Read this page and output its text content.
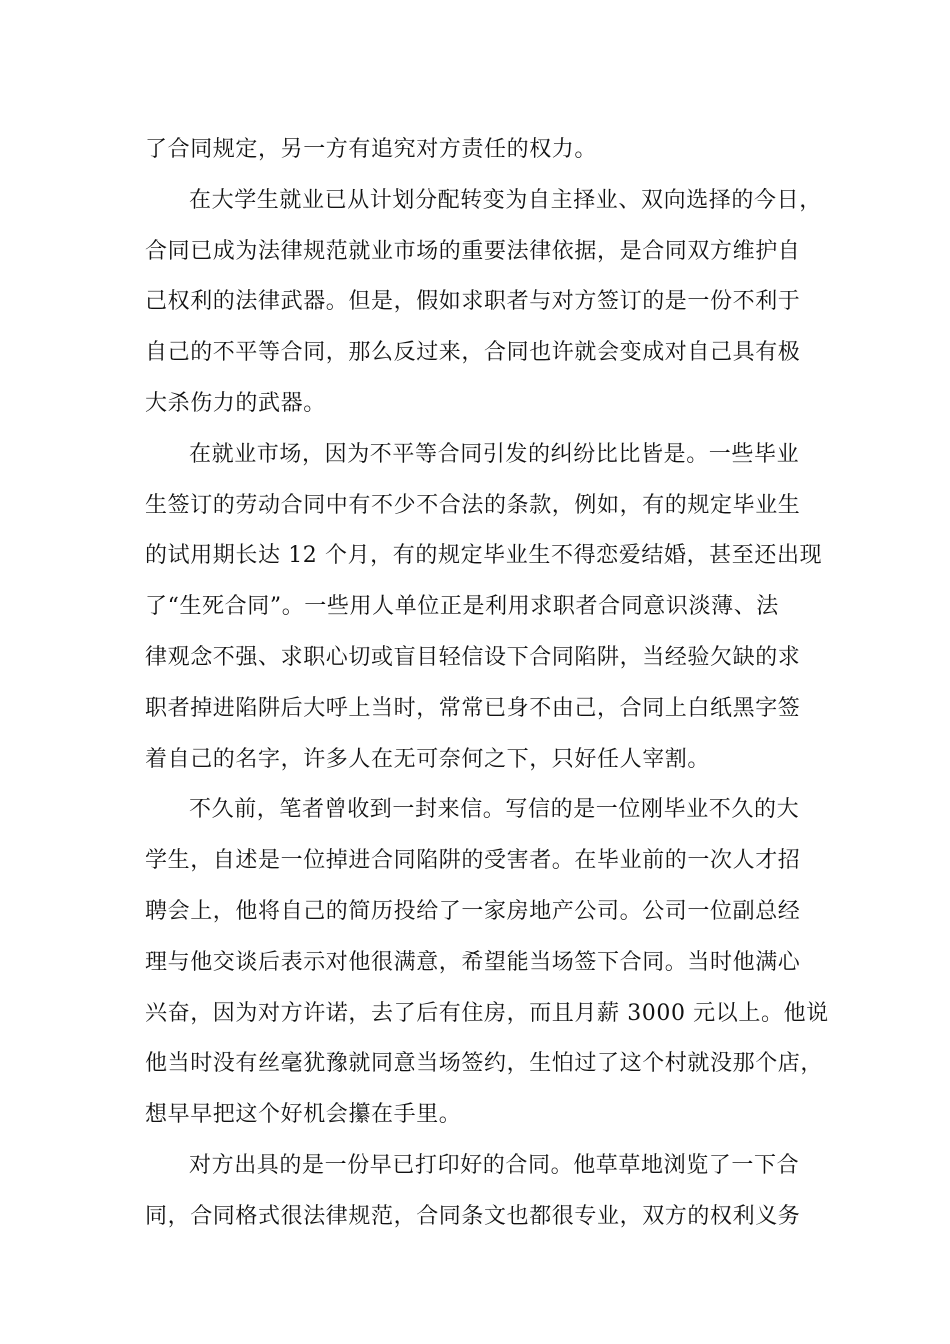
了合同规定，另一方有追究对方责任的权力。
在大学生就业已从计划分配转变为自主择业、双向选择的今日，
合同已成为法律规范就业市场的重要法律依据，是合同双方维护自
己权利的法律武器。但是，假如求职者与对方签订的是一份不利于
自己的不平等合同，那么反过来，合同也许就会变成对自己具有极
大杀伤力的武器。
在就业市场，因为不平等合同引发的纠纷比比皆是。一些毕业
生签订的劳动合同中有不少不合法的条款，例如，有的规定毕业生
的试用期长达 12 个月，有的规定毕业生不得恋爱结婚，甚至还出现
了“生死合同”。一些用人单位正是利用求职者合同意识淡薄、法
律观念不强、求职心切或盲目轻信设下合同陷阱，当经验欠缺的求
职者掉进陷阱后大呼上当时，常常已身不由己，合同上白纸黑字签
着自己的名字，许多人在无可奈何之下，只好任人宰割。
不久前，笔者曾收到一封来信。写信的是一位刚毕业不久的大
学生，自述是一位掉进合同陷阱的受害者。在毕业前的一次人才招
聘会上，他将自己的简历投给了一家房地产公司。公司一位副总经
理与他交谈后表示对他很满意，希望能当场签下合同。当时他满心
兴奋，因为对方许诺，去了后有住房，而且月薪 3000 元以上。他说
他当时没有丝毫犹豫就同意当场签约，生怕过了这个村就没那个店，
想早早把这个好机会攥在手里。
对方出具的是一份早已打印好的合同。他草草地浏览了一下合
同，合同格式很法律规范，合同条文也都很专业，双方的权利义务
